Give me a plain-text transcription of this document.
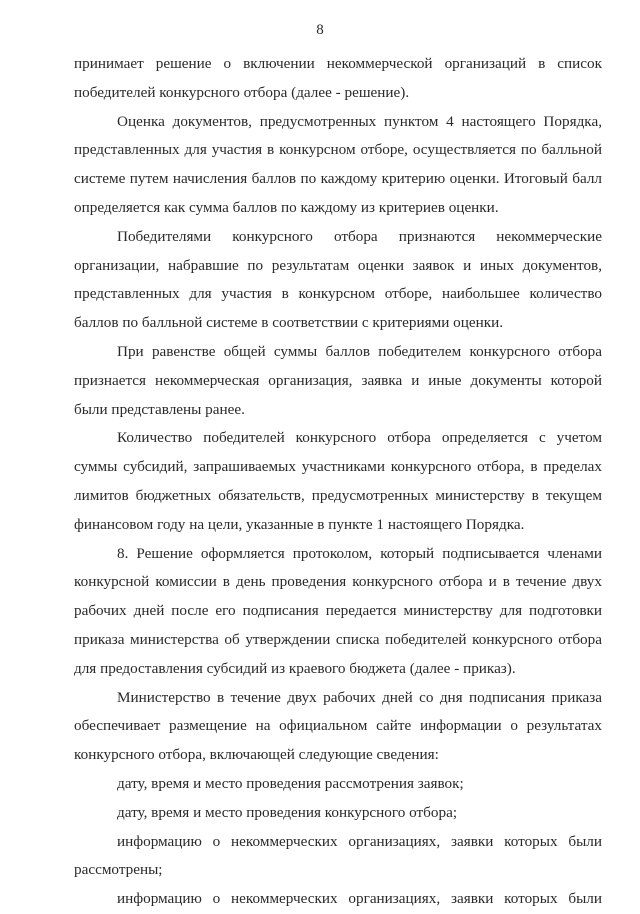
8

принимает решение о включении некоммерческой организаций в список победителей конкурсного отбора (далее - решение).

Оценка документов, предусмотренных пунктом 4 настоящего Порядка, представленных для участия в конкурсном отборе, осуществляется по балльной системе путем начисления баллов по каждому критерию оценки. Итоговый балл определяется как сумма баллов по каждому из критериев оценки.

Победителями конкурсного отбора признаются некоммерческие организации, набравшие по результатам оценки заявок и иных документов, представленных для участия в конкурсном отборе, наибольшее количество баллов по балльной системе в соответствии с критериями оценки.

При равенстве общей суммы баллов победителем конкурсного отбора признается некоммерческая организация, заявка и иные документы которой были представлены ранее.

Количество победителей конкурсного отбора определяется с учетом суммы субсидий, запрашиваемых участниками конкурсного отбора, в пределах лимитов бюджетных обязательств, предусмотренных министерству в текущем финансовом году на цели, указанные в пункте 1 настоящего Порядка.

8. Решение оформляется протоколом, который подписывается членами конкурсной комиссии в день проведения конкурсного отбора и в течение двух рабочих дней после его подписания передается министерству для подготовки приказа министерства об утверждении списка победителей конкурсного отбора для предоставления субсидий из краевого бюджета (далее - приказ).

Министерство в течение двух рабочих дней со дня подписания приказа обеспечивает размещение на официальном сайте информации о результатах конкурсного отбора, включающей следующие сведения:

дату, время и место проведения рассмотрения заявок;

дату, время и место проведения конкурсного отбора;

информацию о некоммерческих организациях, заявки которых были рассмотрены;

информацию о некоммерческих организациях, заявки которых были
